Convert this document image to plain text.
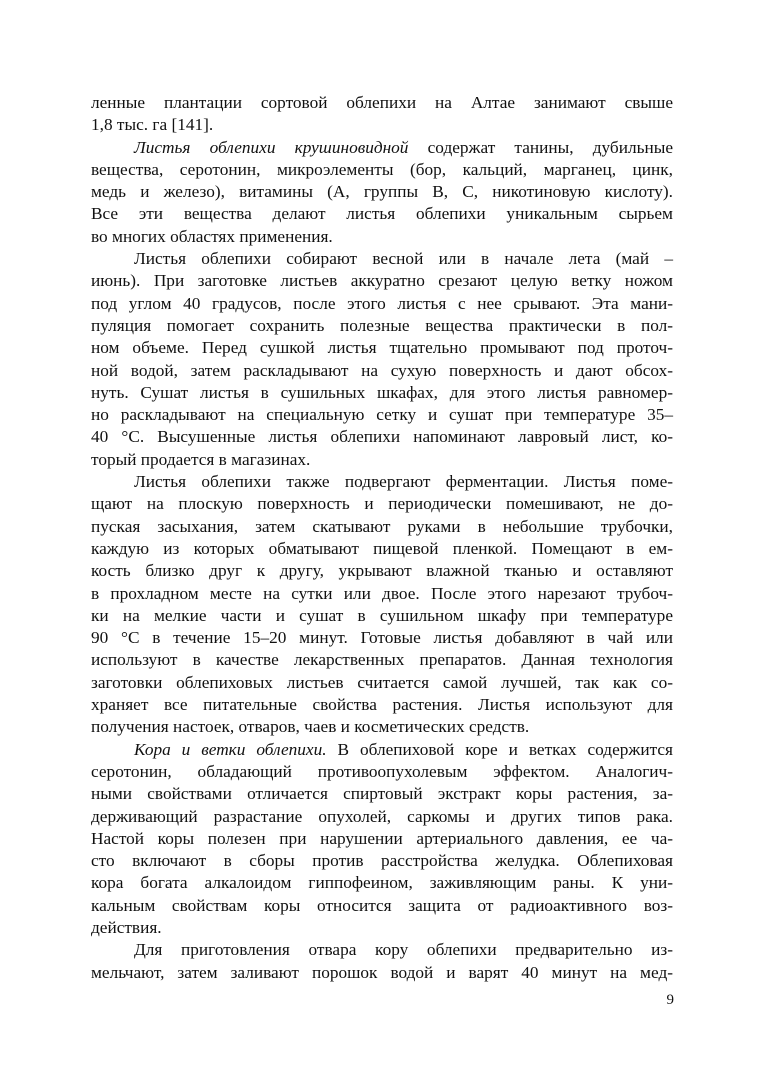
ленные плантации сортовой облепихи на Алтае занимают свыше
1,8 тыс. га [141].
Листья облепихи крушиновидной содержат танины, дубильные
вещества, серотонин, микроэлементы (бор, кальций, марганец, цинк,
медь и железо), витамины (А, группы В, С, никотиновую кислоту).
Все эти вещества делают листья облепихи уникальным сырьем
во многих областях применения.
Листья облепихи собирают весной или в начале лета (май –
июнь). При заготовке листьев аккуратно срезают целую ветку ножом
под углом 40 градусов, после этого листья с нее срывают. Эта мани-
пуляция помогает сохранить полезные вещества практически в пол-
ном объеме. Перед сушкой листья тщательно промывают под проточ-
ной водой, затем раскладывают на сухую поверхность и дают обсох-
нуть. Сушат листья в сушильных шкафах, для этого листья равномер-
но раскладывают на специальную сетку и сушат при температуре 35–
40 °С. Высушенные листья облепихи напоминают лавровый лист, ко-
торый продается в магазинах.
Листья облепихи также подвергают ферментации. Листья поме-
щают на плоскую поверхность и периодически помешивают, не до-
пуская засыхания, затем скатывают руками в небольшие трубочки,
каждую из которых обматывают пищевой пленкой. Помещают в ем-
кость близко друг к другу, укрывают влажной тканью и оставляют
в прохладном месте на сутки или двое. После этого нарезают трубоч-
ки на мелкие части и сушат в сушильном шкафу при температуре
90 °С в течение 15–20 минут. Готовые листья добавляют в чай или
используют в качестве лекарственных препаратов. Данная технология
заготовки облепиховых листьев считается самой лучшей, так как со-
храняет все питательные свойства растения. Листья используют для
получения настоек, отваров, чаев и косметических средств.
Кора и ветки облепихи. В облепиховой коре и ветках содержится
серотонин, обладающий противоопухолевым эффектом. Аналогич-
ными свойствами отличается спиртовый экстракт коры растения, за-
держивающий разрастание опухолей, саркомы и других типов рака.
Настой коры полезен при нарушении артериального давления, ее ча-
сто включают в сборы против расстройства желудка. Облепиховая
кора богата алкалоидом гиппофеином, заживляющим раны. К уни-
кальным свойствам коры относится защита от радиоактивного воз-
действия.
Для приготовления отвара кору облепихи предварительно из-
мельчают, затем заливают порошок водой и варят 40 минут на мед-
9
